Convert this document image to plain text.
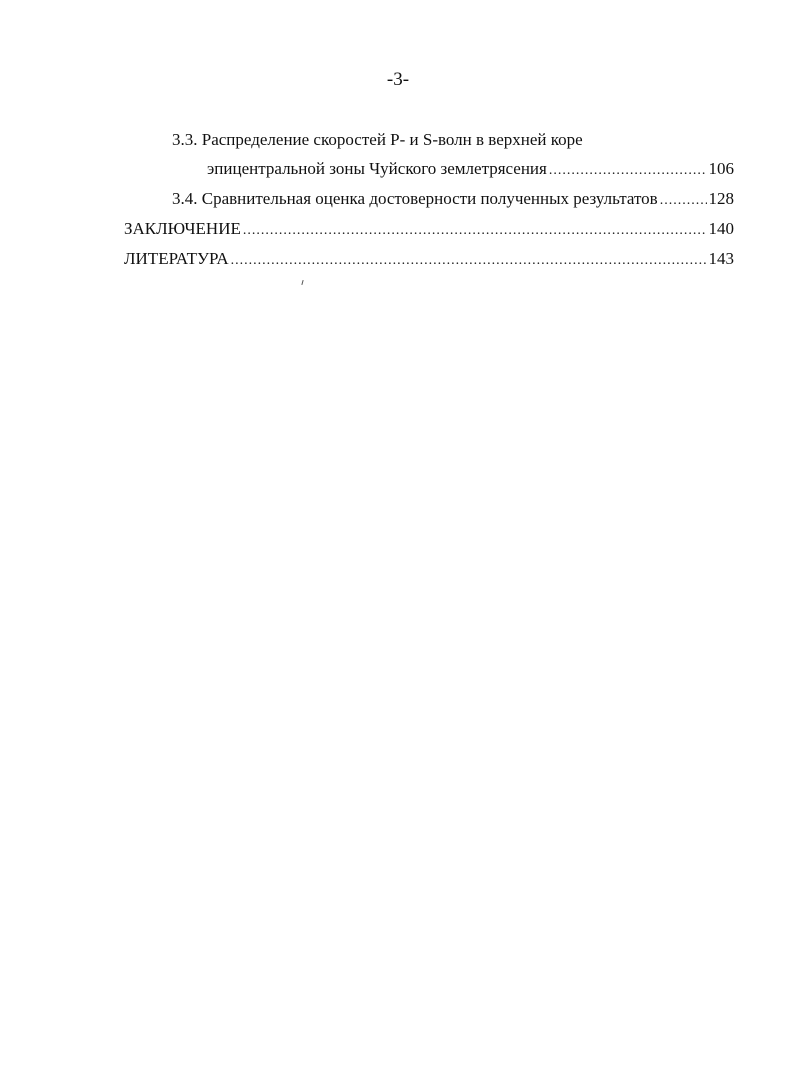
-3-
3.3. Распределение скоростей Р- и S-волн в верхней коре
эпицентральной зоны Чуйского землетрясения .....	106
3.4. Сравнительная оценка достоверности полученных результатов .....	128
ЗАКЛЮЧЕНИЕ .....	140
ЛИТЕРАТУРА .....	143
